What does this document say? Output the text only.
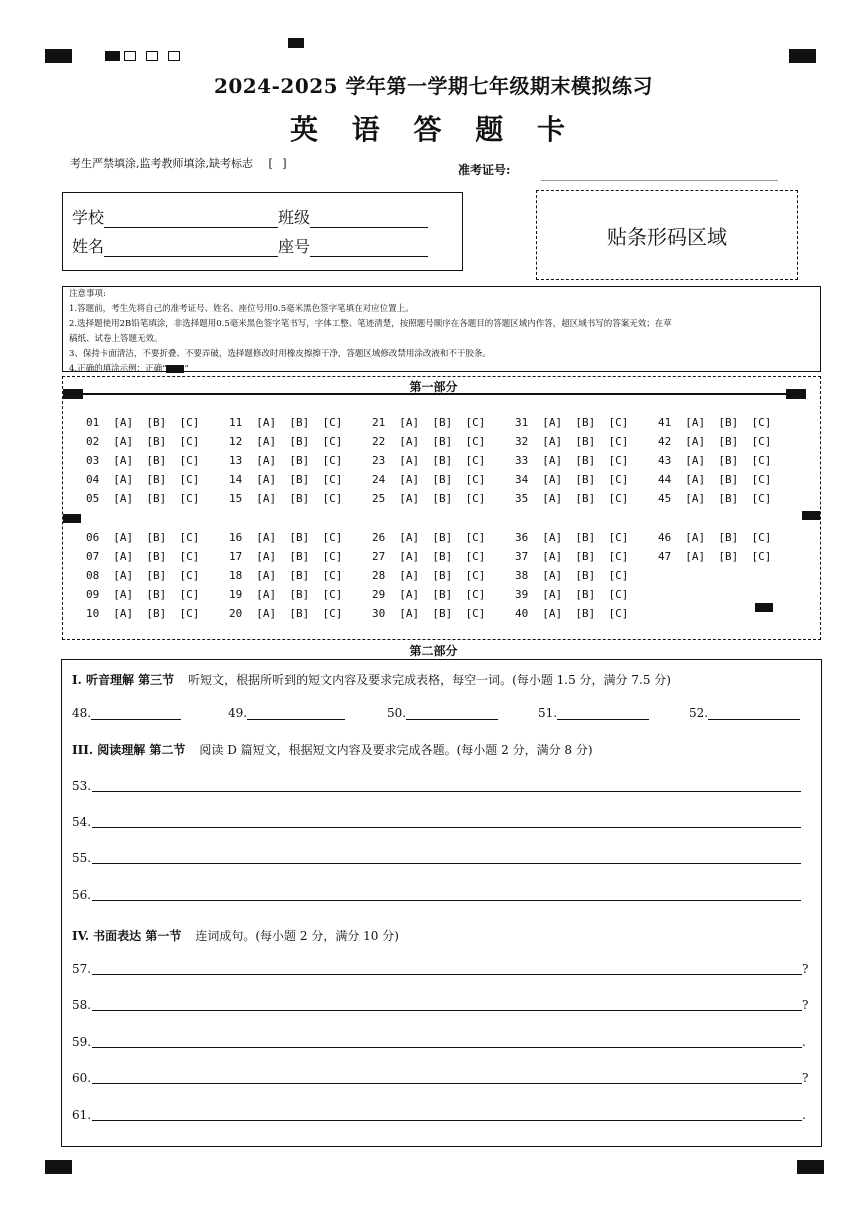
2024-2025 学年第一学期七年级期末模拟练习
英 语 答 题 卡
考生严禁填涂,监考教师填涂,缺考标志 [ ]	准考证号:
学校	班级
姓名	座号	贴条形码区域
注意事项:
1.答题前，考生先将自己的准考证号、姓名、座位号用0.5毫米黑色签字笔填在对应位置上。
2.选择题使用2B铅笔填涂，非选择题用0.5毫米黑色签字笔书写，字体工整、笔迹清楚，按照题号顺序在各题目的答题区域内作答，超区域书写的答案无效；在草
稿纸、试卷上答题无效。
3、保持卡面清洁，不要折叠、不要弄破，选择题修改时用橡皮擦擦干净，答题区域修改禁用涂改液和不干胶条。
4.正确的填涂示例：正确“ ”
第一部分
01 [A]  [B]  [C]
02 [A]  [B]  [C]
03 [A]  [B]  [C]
04 [A]  [B]  [C]
05 [A]  [B]  [C]
06 [A]  [B]  [C]
07 [A]  [B]  [C]
08 [A]  [B]  [C]
09 [A]  [B]  [C]
10 [A]  [B]  [C]
11 [A]  [B]  [C]
12 [A]  [B]  [C]
13 [A]  [B]  [C]
14 [A]  [B]  [C]
15 [A]  [B]  [C]
16 [A]  [B]  [C]
17 [A]  [B]  [C]
18 [A]  [B]  [C]
19 [A]  [B]  [C]
20 [A]  [B]  [C]
21 [A]  [B]  [C]
22 [A]  [B]  [C]
23 [A]  [B]  [C]
24 [A]  [B]  [C]
25 [A]  [B]  [C]
26 [A]  [B]  [C]
27 [A]  [B]  [C]
28 [A]  [B]  [C]
29 [A]  [B]  [C]
30 [A]  [B]  [C]
31 [A]  [B]  [C]
32 [A]  [B]  [C]
33 [A]  [B]  [C]
34 [A]  [B]  [C]
35 [A]  [B]  [C]
36 [A]  [B]  [C]
37 [A]  [B]  [C]
38 [A]  [B]  [C]
39 [A]  [B]  [C]
40 [A]  [B]  [C]
41 [A]  [B]  [C]
42 [A]  [B]  [C]
43 [A]  [B]  [C]
44 [A]  [B]  [C]
45 [A]  [B]  [C]
46 [A]  [B]  [C]
47 [A]  [B]  [C]
第二部分
I. 听音理解 第三节 听短文，根据所听到的短文内容及要求完成表格，每空一词。(每小题 1.5 分，满分 7.5 分)
48.	49.	50.	51.	52.
III. 阅读理解 第二节 阅读 D 篇短文，根据短文内容及要求完成各题。(每小题 2 分，满分 8 分)
53.
54.
55.
56.
IV. 书面表达 第一节 连词成句。(每小题 2 分，满分 10 分)
57.	?
58.	?
59.	.
60.	?
61.	.
